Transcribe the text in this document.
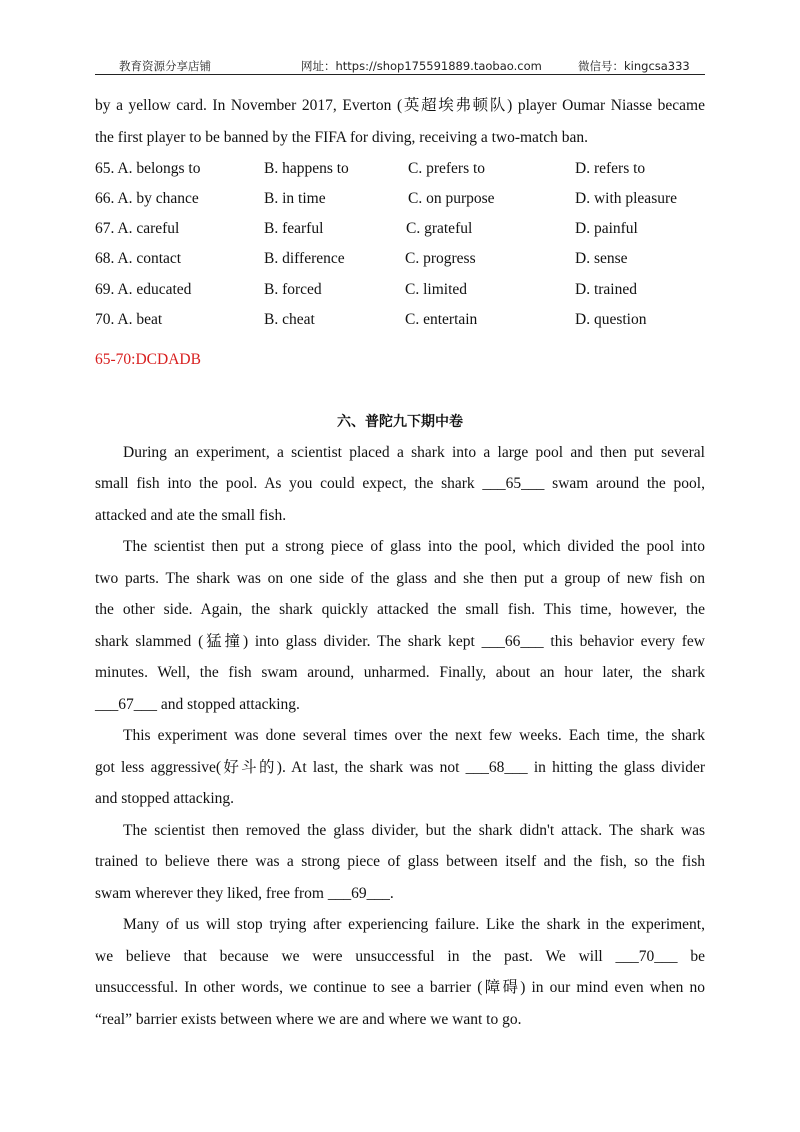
教育资源分享店铺	网址：https://shop175591889.taobao.com	微信号：kingcsa333
by a yellow card. In November 2017, Everton (英超埃弗顿队) player Oumar Niasse became
the first player to be banned by the FIFA for diving, receiving a two-match ban.
65. A. belongs to	B. happens to	C. prefers to	D. refers to
66. A. by chance	B. in time	C. on purpose	D. with pleasure
67. A. careful	B. fearful	C. grateful	D. painful
68. A. contact	B. difference	C. progress	D. sense
69. A. educated	B. forced	C. limited	D. trained
70. A. beat	B. cheat	C. entertain	D. question
65-70:DCDADB
六、普陀九下期中卷
During an experiment, a scientist placed a shark into a large pool and then put several
small fish into the pool. As you could expect, the shark ___65___ swam around the pool,
attacked and ate the small fish.
The scientist then put a strong piece of glass into the pool, which divided the pool into
two parts. The shark was on one side of the glass and she then put a group of new fish on
the other side. Again, the shark quickly attacked the small fish. This time, however, the
shark slammed (猛撞) into glass divider. The shark kept ___66___ this behavior every few
minutes. Well, the fish swam around, unharmed. Finally, about an hour later, the shark
___67___ and stopped attacking.
This experiment was done several times over the next few weeks. Each time, the shark
got less aggressive(好斗的). At last, the shark was not ___68___ in hitting the glass divider
and stopped attacking.
The scientist then removed the glass divider, but the shark didn't attack. The shark was
trained to believe there was a strong piece of glass between itself and the fish, so the fish
swam wherever they liked, free from ___69___.
Many of us will stop trying after experiencing failure. Like the shark in the experiment,
we believe that because we were unsuccessful in the past. We will ___70___ be
unsuccessful. In other words, we continue to see a barrier (障碍) in our mind even when no
“real” barrier exists between where we are and where we want to go.
